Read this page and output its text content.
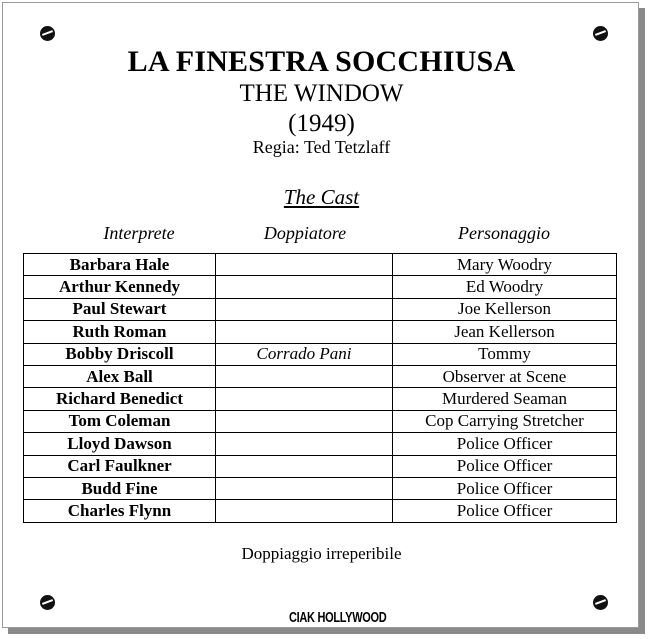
LA FINESTRA SOCCHIUSA
THE WINDOW
(1949)
Regia: Ted Tetzlaff
The Cast
Interprete	Doppiatore	Personaggio
Barbara Hale		Mary Woodry
Arthur Kennedy		Ed Woodry
Paul Stewart		Joe Kellerson
Ruth Roman		Jean Kellerson
Bobby Driscoll	Corrado Pani	Tommy
Alex Ball		Observer at Scene
Richard Benedict		Murdered Seaman
Tom Coleman		Cop Carrying Stretcher
Lloyd Dawson		Police Officer
Carl Faulkner		Police Officer
Budd Fine		Police Officer
Charles Flynn		Police Officer
Doppiaggio irreperibile
CIAK HOLLYWOOD
